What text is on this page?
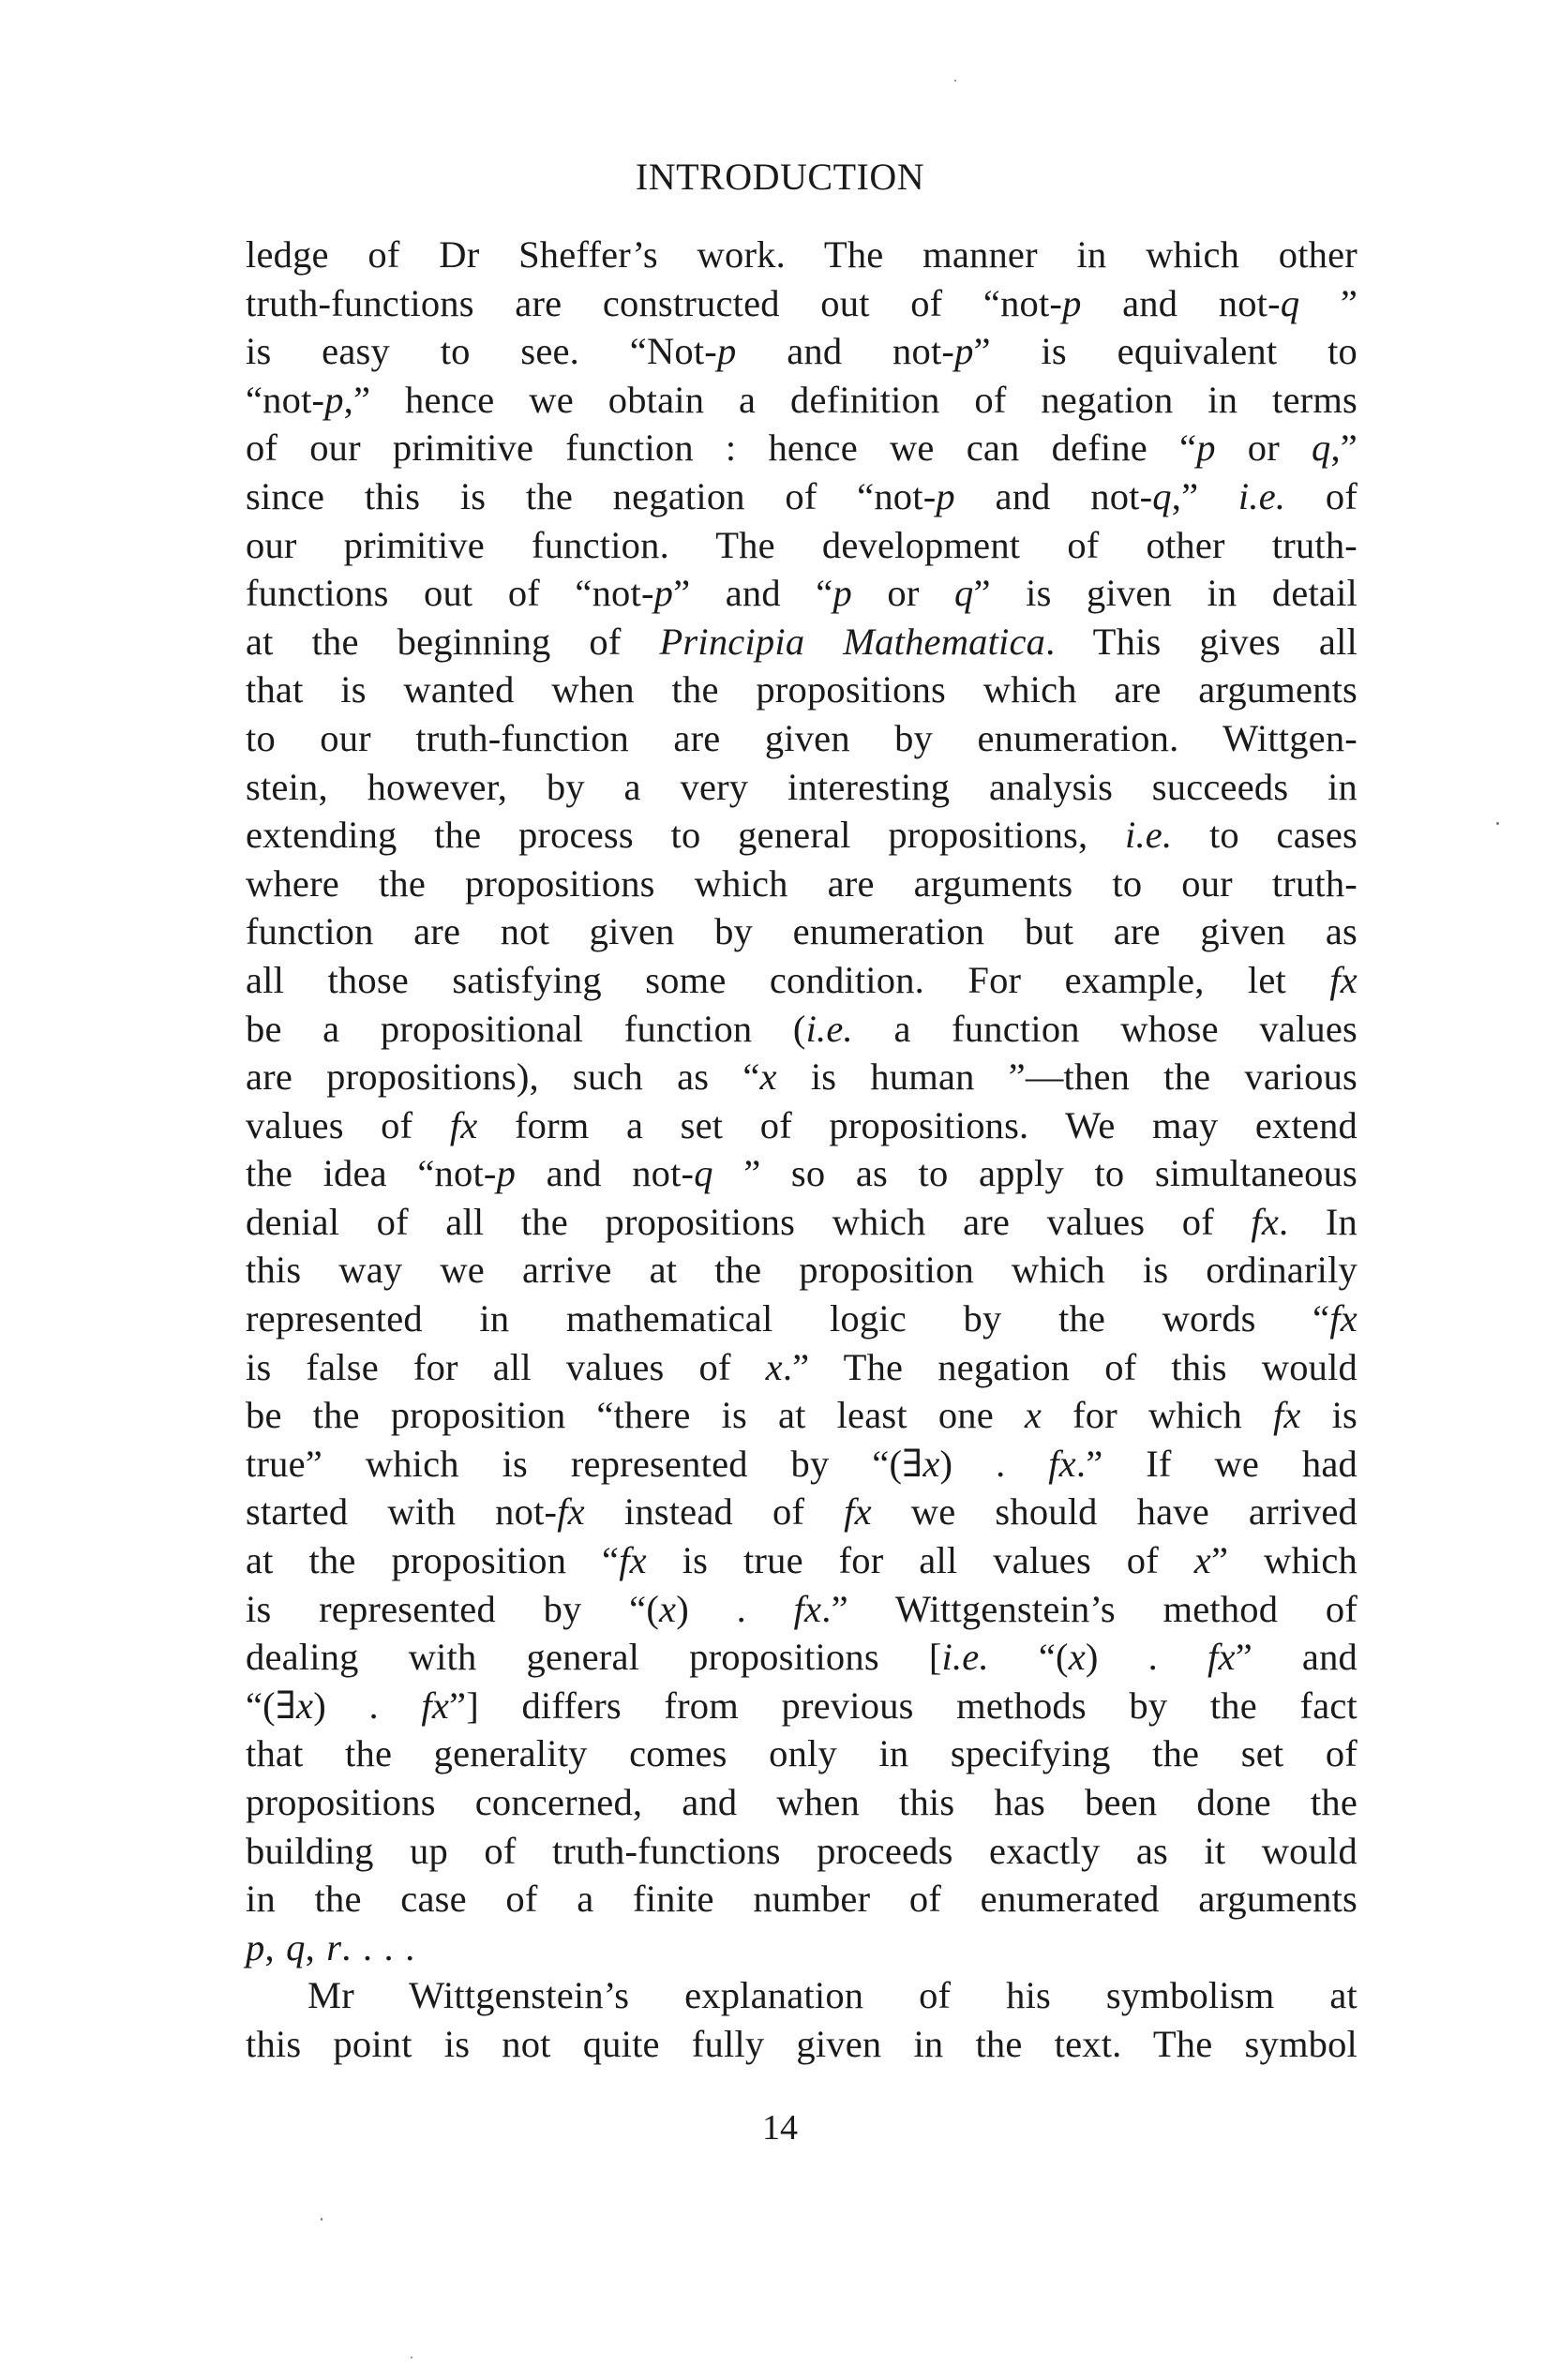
INTRODUCTION
ledge of Dr Sheffer’s work. The manner in which other
truth-functions are constructed out of “not-p and not-q ”
is easy to see. “Not-p and not-p” is equivalent to
“not-p,” hence we obtain a definition of negation in terms
of our primitive function : hence we can define “p or q,”
since this is the negation of “not-p and not-q,” i.e. of
our primitive function. The development of other truth-
functions out of “not-p” and “p or q” is given in detail
at the beginning of Principia Mathematica. This gives all
that is wanted when the propositions which are arguments
to our truth-function are given by enumeration. Wittgen-
stein, however, by a very interesting analysis succeeds in
extending the process to general propositions, i.e. to cases
where the propositions which are arguments to our truth-
function are not given by enumeration but are given as
all those satisfying some condition. For example, let fx
be a propositional function (i.e. a function whose values
are propositions), such as “x is human ”—then the various
values of fx form a set of propositions. We may extend
the idea “not-p and not-q ” so as to apply to simultaneous
denial of all the propositions which are values of fx. In
this way we arrive at the proposition which is ordinarily
represented in mathematical logic by the words “fx
is false for all values of x.” The negation of this would
be the proposition “there is at least one x for which fx is
true” which is represented by “(∃x) . fx.” If we had
started with not-fx instead of fx we should have arrived
at the proposition “fx is true for all values of x” which
is represented by “(x) . fx.” Wittgenstein’s method of
dealing with general propositions [i.e. “(x) . fx” and
“(∃x) . fx”] differs from previous methods by the fact
that the generality comes only in specifying the set of
propositions concerned, and when this has been done the
building up of truth-functions proceeds exactly as it would
in the case of a finite number of enumerated arguments
p, q, r. . . .
Mr Wittgenstein’s explanation of his symbolism at
this point is not quite fully given in the text. The symbol
14
